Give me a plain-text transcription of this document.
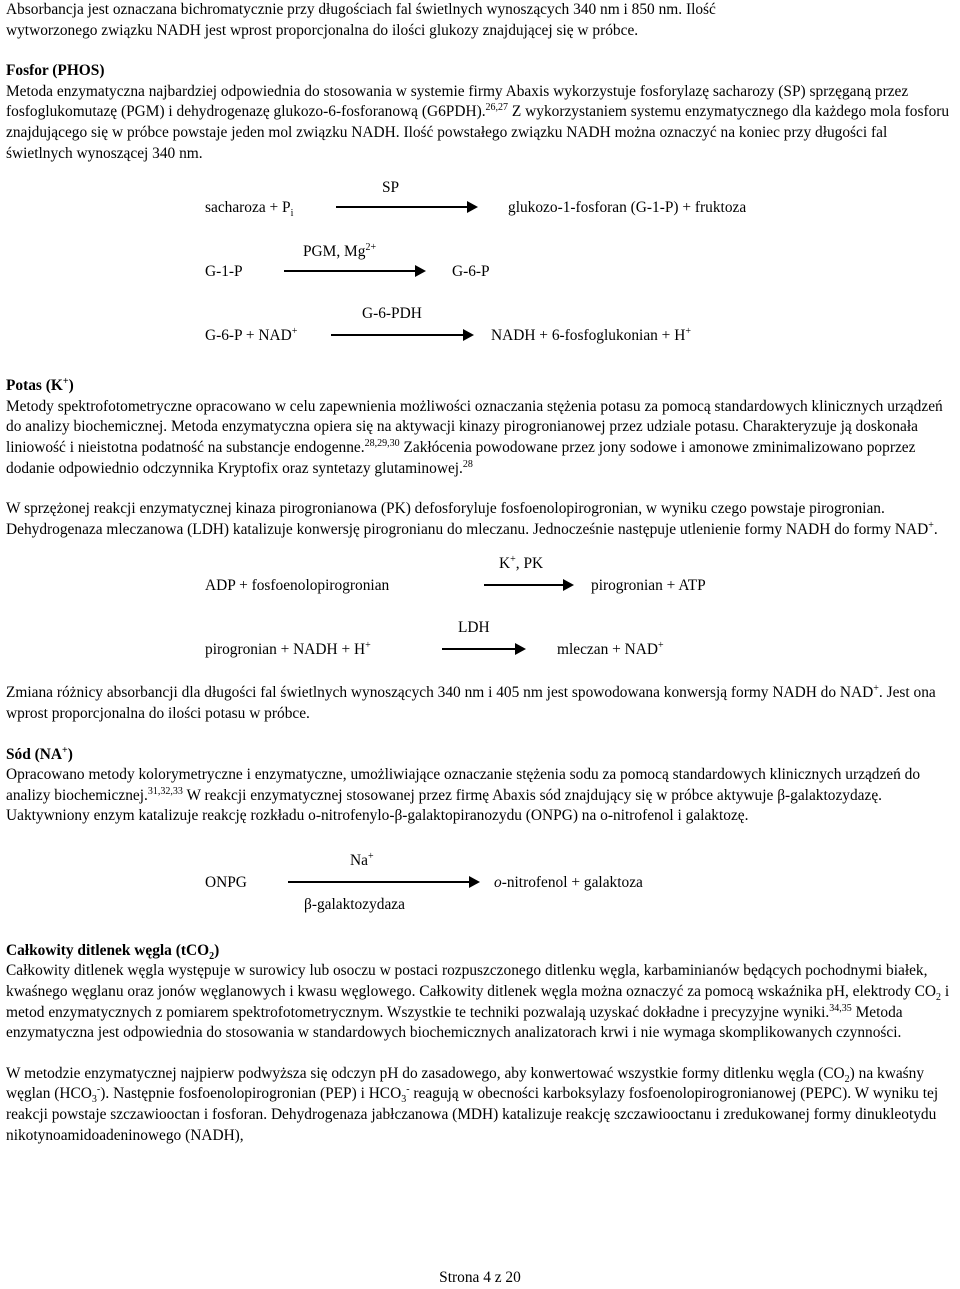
Absorbancja jest oznaczana bichromatycznie przy długościach fal świetlnych wynoszących 340 nm i 850 nm. Ilość
wytworzonego związku NADH jest wprost proporcjonalna do ilości glukozy znajdującej się w próbce.

Fosfor (PHOS)

Metoda enzymatyczna najbardziej odpowiednia do stosowania w systemie firmy Abaxis wykorzystuje fosforylazę sacharozy (SP) sprzęganą przez fosfoglukomutazę (PGM) i dehydrogenazę glukozo-6-fosforanową (G6PDH).$^{26,27}$ Z wykorzystaniem systemu enzymatycznego dla każdego mola fosforu znajdującego się w próbce powstaje jeden mol związku NADH. Ilość powstałego związku NADH można oznaczyć na koniec przy długości fal świetlnych wynoszącej 340 nm.

SP
sacharoza + $P_i$	glukozo-1-fosforan (G-1-P) + fruktoza
PGM, $Mg^{2+}$
G-1-P	G-6-P
G-6-PDH
G-6-P + NAD+	NADH + 6-fosfoglukonian + H+
Potas (K+)

Metody spektrofotometryczne opracowano w celu zapewnienia możliwości oznaczania stężenia potasu za pomocą standardowych klinicznych urządzeń do analizy biochemicznej. Metoda enzymatyczna opiera się na aktywacji kinazy pirogronianowej przez udziale potasu. Charakteryzuje ją doskonała liniowość i nieistotna podatność na substancje endogenne.$^{28,29,30}$ Zakłócenia powodowane przez jony sodowe i amonowe zminimalizowano poprzez dodanie odpowiednio odczynnika Kryptofix oraz syntetazy glutaminowej.$^{28}$

W sprzężonej reakcji enzymatycznej kinaza pirogronianowa (PK) defosforyluje fosfoenolopirogronian, w wyniku czego powstaje pirogronian. Dehydrogenaza mleczanowa (LDH) katalizuje konwersję pirogronianu do mleczanu. Jednocześnie następuje utlenienie formy NADH do formy NAD+.

K+, PK
ADP + fosfoenolopirogronian	pirogronian + ATP
LDH
pirogronian + NADH + H+	mleczan + NAD+

Zmiana różnicy absorbancji dla długości fal świetlnych wynoszących 340 nm i 405 nm jest spowodowana konwersją formy NADH do NAD+. Jest ona wprost proporcjonalna do ilości potasu w próbce.

Sód (NA+)

Opracowano metody kolorymetryczne i enzymatyczne, umożliwiające oznaczanie stężenia sodu za pomocą standardowych klinicznych urządzeń do analizy biochemicznej.$^{31,32,33}$ W reakcji enzymatycznej stosowanej przez firmę Abaxis sód znajdujący się w próbce aktywuje β-galaktozydazę. Uaktywniony enzym katalizuje reakcję rozkładu o-nitrofenylo-β-galaktopiranozydu (ONPG) na o-nitrofenol i galaktozę.

Na+
ONPG	o-nitrofenol + galaktoza
β-galaktozydaza
Całkowity ditlenek węgla (tCO$_2$)

Całkowity ditlenek węgla występuje w surowicy lub osoczu w postaci rozpuszczonego ditlenku węgla, karbaminianów będących pochodnymi białek, kwaśnego węglanu oraz jonów węglanowych i kwasu węglowego. Całkowity ditlenek węgla można oznaczyć za pomocą wskaźnika pH, elektrody $CO_2$ i metod enzymatycznych z pomiarem spektrofotometrycznym. Wszystkie te techniki pozwalają uzyskać dokładne i precyzyjne wyniki.$^{34,35}$ Metoda enzymatyczna jest odpowiednia do stosowania w standardowych biochemicznych analizatorach krwi i nie wymaga skomplikowanych czynności.

W metodzie enzymatycznej najpierw podwyższa się odczyn pH do zasadowego, aby konwertować wszystkie formy ditlenku węgla $(CO_2)$ na kwaśny węglan $(HCO_3^-)$. Następnie fosfoenolopirogronian (PEP) i $HCO_3^-$ reagują w obecności karboksylazy fosfoenolopirogronianowej (PEPC). W wyniku tej reakcji powstaje szczawiooctan i fosforan. Dehydrogenaza jabłczanowa (MDH) katalizuje reakcję szczawiooctanu i zredukowanej formy dinukleotydu nikotynoamidoadeninowego (NADH),

Strona 4 z 20
